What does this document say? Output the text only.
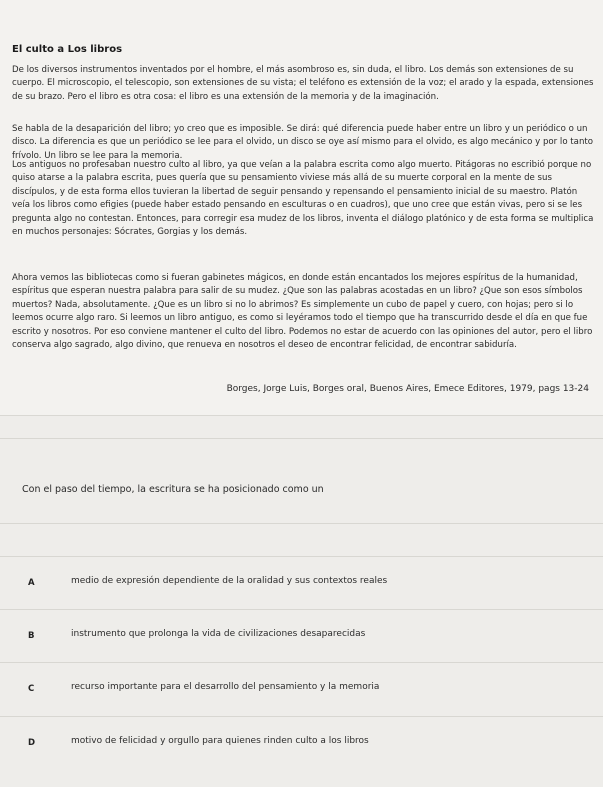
El culto a Los libros
De los diversos instrumentos inventados por el hombre, el más asombroso es, sin duda, el libro. Los demás son extensiones de su cuerpo. El microscopio, el telescopio, son extensiones de su vista; el teléfono es extensión de la voz; el arado y la espada, extensiones de su brazo. Pero el libro es otra cosa: el libro es una extensión de la memoria y de la imaginación.
Se habla de la desaparición del libro; yo creo que es imposible. Se dirá: qué diferencia puede haber entre un libro y un periódico o un disco. La diferencia es que un periódico se lee para el olvido, un disco se oye así mismo para el olvido, es algo mecánico y por lo tanto frívolo. Un libro se lee para la memoria.
Los antiguos no profesaban nuestro culto al libro, ya que veían a la palabra escrita como algo muerto. Pitágoras no escribió porque no quiso atarse a la palabra escrita, pues quería que su pensamiento viviese más allá de su muerte corporal en la mente de sus discípulos, y de esta forma ellos tuvieran la libertad de seguir pensando y repensando el pensamiento inicial de su maestro. Platón veía los libros como efigies (puede haber estado pensando en esculturas o en cuadros), que uno cree que están vivas, pero si se les pregunta algo no contestan. Entonces, para corregir esa mudez de los libros, inventa el diálogo platónico y de esta forma se multiplica en muchos personajes: Sócrates, Gorgias y los demás.
Ahora vemos las bibliotecas como si fueran gabinetes mágicos, en donde están encantados los mejores espíritus de la humanidad, espíritus que esperan nuestra palabra para salir de su mudez. ¿Que son las palabras acostadas en un libro? ¿Que son esos símbolos muertos? Nada, absolutamente. ¿Que es un libro si no lo abrimos? Es simplemente un cubo de papel y cuero, con hojas; pero si lo leemos ocurre algo raro. Si leemos un libro antiguo, es como si leyéramos todo el tiempo que ha transcurrido desde el día en que fue escrito y nosotros. Por eso conviene mantener el culto del libro. Podemos no estar de acuerdo con las opiniones del autor, pero el libro conserva algo sagrado, algo divino, que renueva en nosotros el deseo de encontrar felicidad, de encontrar sabiduría.
Borges, Jorge Luis, Borges oral, Buenos Aires, Emece Editores, 1979, pags 13-24
Con el paso del tiempo, la escritura se ha posicionado como un
A	medio de expresión dependiente de la oralidad y sus contextos reales
B	instrumento que prolonga la vida de civilizaciones desaparecidas
C	recurso importante para el desarrollo del pensamiento y la memoria
D	motivo de felicidad y orgullo para quienes rinden culto a los libros
